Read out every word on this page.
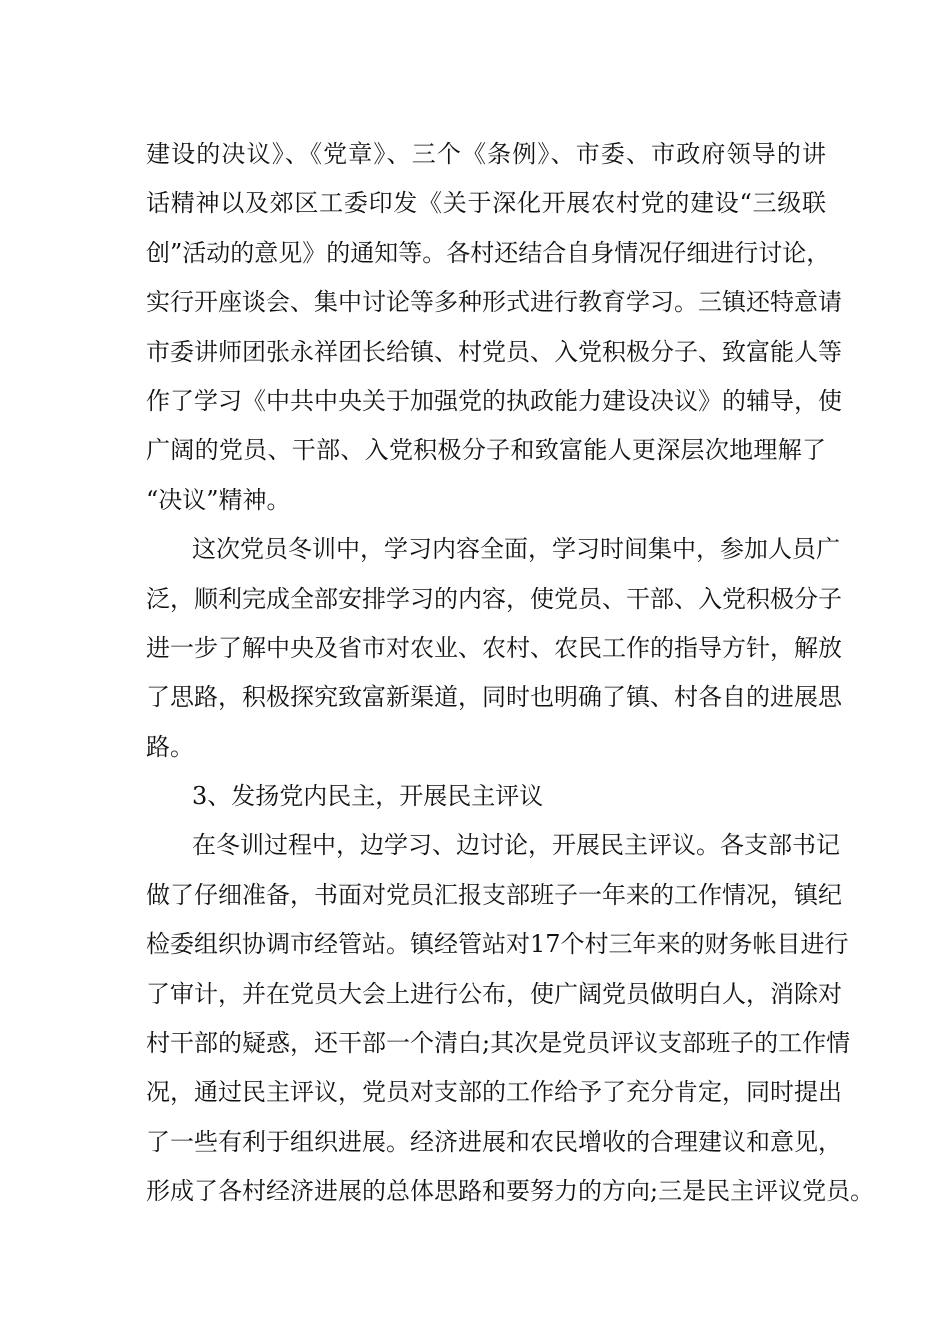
建设的决议》、《党章》、三个《条例》、市委、市政府领导的讲
话精神以及郊区工委印发《关于深化开展农村党的建设“三级联
创”活动的意见》的通知等。各村还结合自身情况仔细进行讨论，
实行开座谈会、集中讨论等多种形式进行教育学习。三镇还特意请
市委讲师团张永祥团长给镇、村党员、入党积极分子、致富能人等
作了学习《中共中央关于加强党的执政能力建设决议》的辅导，使
广阔的党员、干部、入党积极分子和致富能人更深层次地理解了
“决议”精神。
这次党员冬训中，学习内容全面，学习时间集中，参加人员广
泛，顺利完成全部安排学习的内容，使党员、干部、入党积极分子
进一步了解中央及省市对农业、农村、农民工作的指导方针，解放
了思路，积极探究致富新渠道，同时也明确了镇、村各自的进展思
路。
3、发扬党内民主，开展民主评议
在冬训过程中，边学习、边讨论，开展民主评议。各支部书记
做了仔细准备，书面对党员汇报支部班子一年来的工作情况，镇纪
检委组织协调市经管站。镇经管站对17个村三年来的财务帐目进行
了审计，并在党员大会上进行公布，使广阔党员做明白人，消除对
村干部的疑惑，还干部一个清白;其次是党员评议支部班子的工作情
况，通过民主评议，党员对支部的工作给予了充分肯定，同时提出
了一些有利于组织进展。经济进展和农民增收的合理建议和意见，
形成了各村经济进展的总体思路和要努力的方向;三是民主评议党员。
